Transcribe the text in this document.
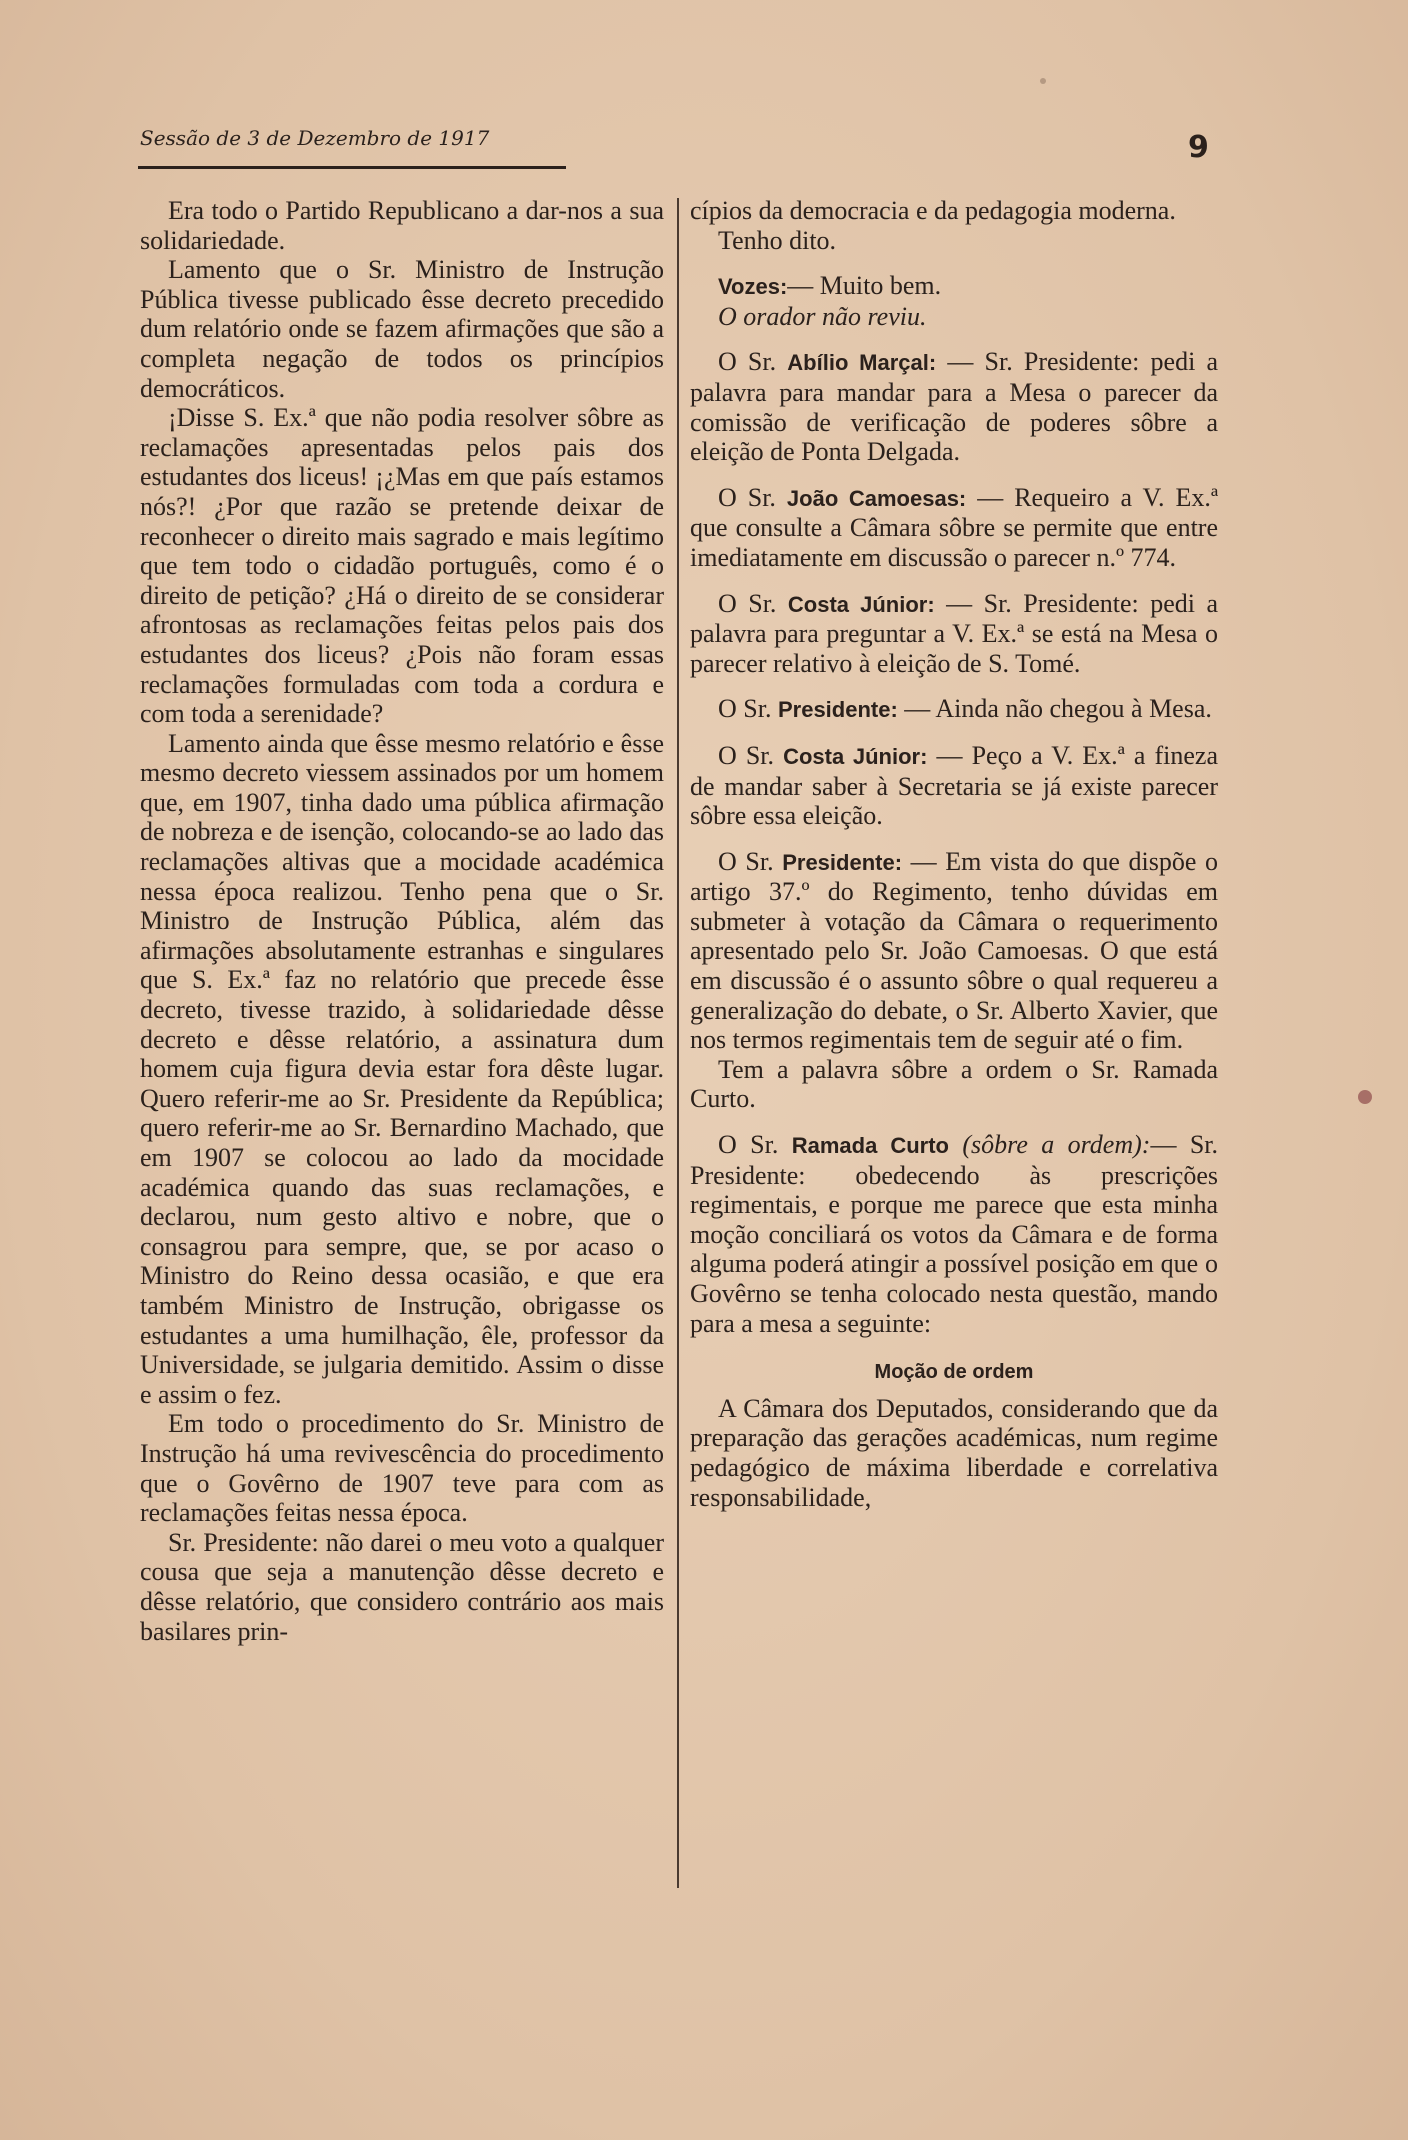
Sessão de 3 de Dezembro de 1917	9

Era todo o Partido Republicano a dar-nos a sua solidariedade.

Lamento que o Sr. Ministro de Instrução Pública tivesse publicado êsse decreto precedido dum relatório onde se fazem afirmações que são a completa negação de todos os princípios democráticos.

¡Disse S. Ex.ª que não podia resolver sôbre as reclamações apresentadas pelos pais dos estudantes dos liceus! ¡¿Mas em que país estamos nós?! ¿Por que razão se pretende deixar de reconhecer o direito mais sagrado e mais legítimo que tem todo o cidadão português, como é o direito de petição? ¿Há o direito de se considerar afrontosas as reclamações feitas pelos pais dos estudantes dos liceus? ¿Pois não foram essas reclamações formuladas com toda a cordura e com toda a serenidade?

Lamento ainda que êsse mesmo relatório e êsse mesmo decreto viessem assinados por um homem que, em 1907, tinha dado uma pública afirmação de nobreza e de isenção, colocando-se ao lado das reclamações altivas que a mocidade académica nessa época realizou. Tenho pena que o Sr. Ministro de Instrução Pública, além das afirmações absolutamente estranhas e singulares que S. Ex.ª faz no relatório que precede êsse decreto, tivesse trazido, à solidariedade dêsse decreto e dêsse relatório, a assinatura dum homem cuja figura devia estar fora dêste lugar. Quero referir-me ao Sr. Presidente da República; quero referir-me ao Sr. Bernardino Machado, que em 1907 se colocou ao lado da mocidade académica quando das suas reclamações, e declarou, num gesto altivo e nobre, que o consagrou para sempre, que, se por acaso o Ministro do Reino dessa ocasião, e que era também Ministro de Instrução, obrigasse os estudantes a uma humilhação, êle, professor da Universidade, se julgaria demitido. Assim o disse e assim o fez.

Em todo o procedimento do Sr. Ministro de Instrução há uma revivescência do procedimento que o Govêrno de 1907 teve para com as reclamações feitas nessa época.

Sr. Presidente: não darei o meu voto a qualquer cousa que seja a manutenção dêsse decreto e dêsse relatório, que considero contrário aos mais basilares prin-

cípios da democracia e da pedagogia moderna.

Tenho dito.

Vozes:— Muito bem.

O orador não reviu.

O Sr. Abílio Marçal: — Sr. Presidente: pedi a palavra para mandar para a Mesa o parecer da comissão de verificação de poderes sôbre a eleição de Ponta Delgada.

O Sr. João Camoesas: — Requeiro a V. Ex.ª que consulte a Câmara sôbre se permite que entre imediatamente em discussão o parecer n.º 774.

O Sr. Costa Júnior: — Sr. Presidente: pedi a palavra para preguntar a V. Ex.ª se está na Mesa o parecer relativo à eleição de S. Tomé.

O Sr. Presidente: — Ainda não chegou à Mesa.

O Sr. Costa Júnior: — Peço a V. Ex.ª a fineza de mandar saber à Secretaria se já existe parecer sôbre essa eleição.

O Sr. Presidente: — Em vista do que dispõe o artigo 37.º do Regimento, tenho dúvidas em submeter à votação da Câmara o requerimento apresentado pelo Sr. João Camoesas. O que está em discussão é o assunto sôbre o qual requereu a generalização do debate, o Sr. Alberto Xavier, que nos termos regimentais tem de seguir até o fim.

Tem a palavra sôbre a ordem o Sr. Ramada Curto.

O Sr. Ramada Curto (sôbre a ordem):— Sr. Presidente: obedecendo às prescrições regimentais, e porque me parece que esta minha moção conciliará os votos da Câmara e de forma alguma poderá atingir a possível posição em que o Govêrno se tenha colocado nesta questão, mando para a mesa a seguinte:

Moção de ordem

A Câmara dos Deputados, considerando que da preparação das gerações académicas, num regime pedagógico de máxima liberdade e correlativa responsabilidade,
